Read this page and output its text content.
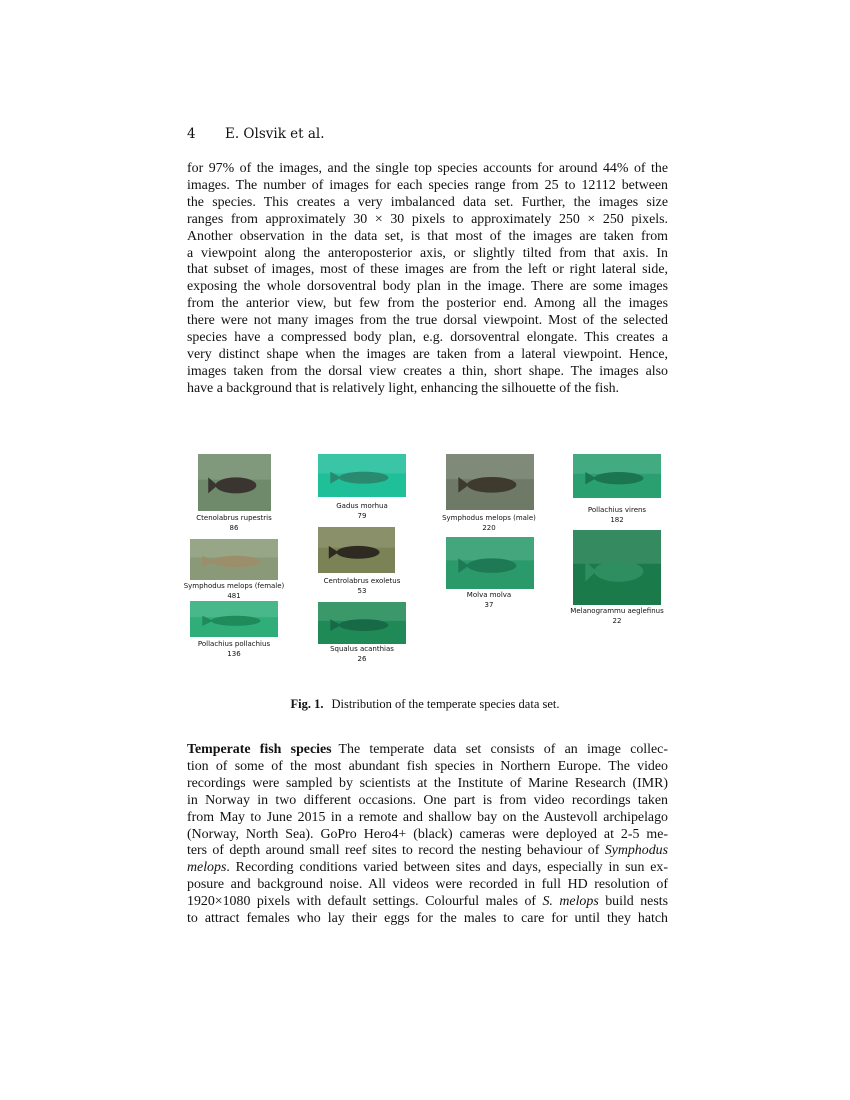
4 E. Olsvik et al.
for 97% of the images, and the single top species accounts for around 44% of the
images. The number of images for each species range from 25 to 12112 between
the species. This creates a very imbalanced data set. Further, the images size
ranges from approximately 30 × 30 pixels to approximately 250 × 250 pixels.
Another observation in the data set, is that most of the images are taken from
a viewpoint along the anteroposterior axis, or slightly tilted from that axis. In
that subset of images, most of these images are from the left or right lateral side,
exposing the whole dorsoventral body plan in the image. There are some images
from the anterior view, but few from the posterior end. Among all the images
there were not many images from the true dorsal viewpoint. Most of the selected
species have a compressed body plan, e.g. dorsoventral elongate. This creates a
very distinct shape when the images are taken from a lateral viewpoint. Hence,
images taken from the dorsal view creates a thin, short shape. The images also
have a background that is relatively light, enhancing the silhouette of the fish.
Ctenolabrus rupestris
86
Symphodus melops (female)
481
Pollachius pollachius
136
Gadus morhua
79
Centrolabrus exoletus
53
Squalus acanthias
26
Symphodus melops (male)
220
Molva molva
37
Pollachius virens
182
Melanogrammu aeglefinus
22
Fig. 1. Distribution of the temperate species data set.
Temperate fish species  The temperate data set consists of an image collec-
tion of some of the most abundant fish species in Northern Europe. The video
recordings were sampled by scientists at the Institute of Marine Research (IMR)
in Norway in two different occasions. One part is from video recordings taken
from May to June 2015 in a remote and shallow bay on the Austevoll archipelago
(Norway, North Sea). GoPro Hero4+ (black) cameras were deployed at 2-5 me-
ters of depth around small reef sites to record the nesting behaviour of Symphodus
melops. Recording conditions varied between sites and days, especially in sun ex-
posure and background noise. All videos were recorded in full HD resolution of
1920×1080 pixels with default settings. Colourful males of S. melops build nests
to attract females who lay their eggs for the males to care for until they hatch
